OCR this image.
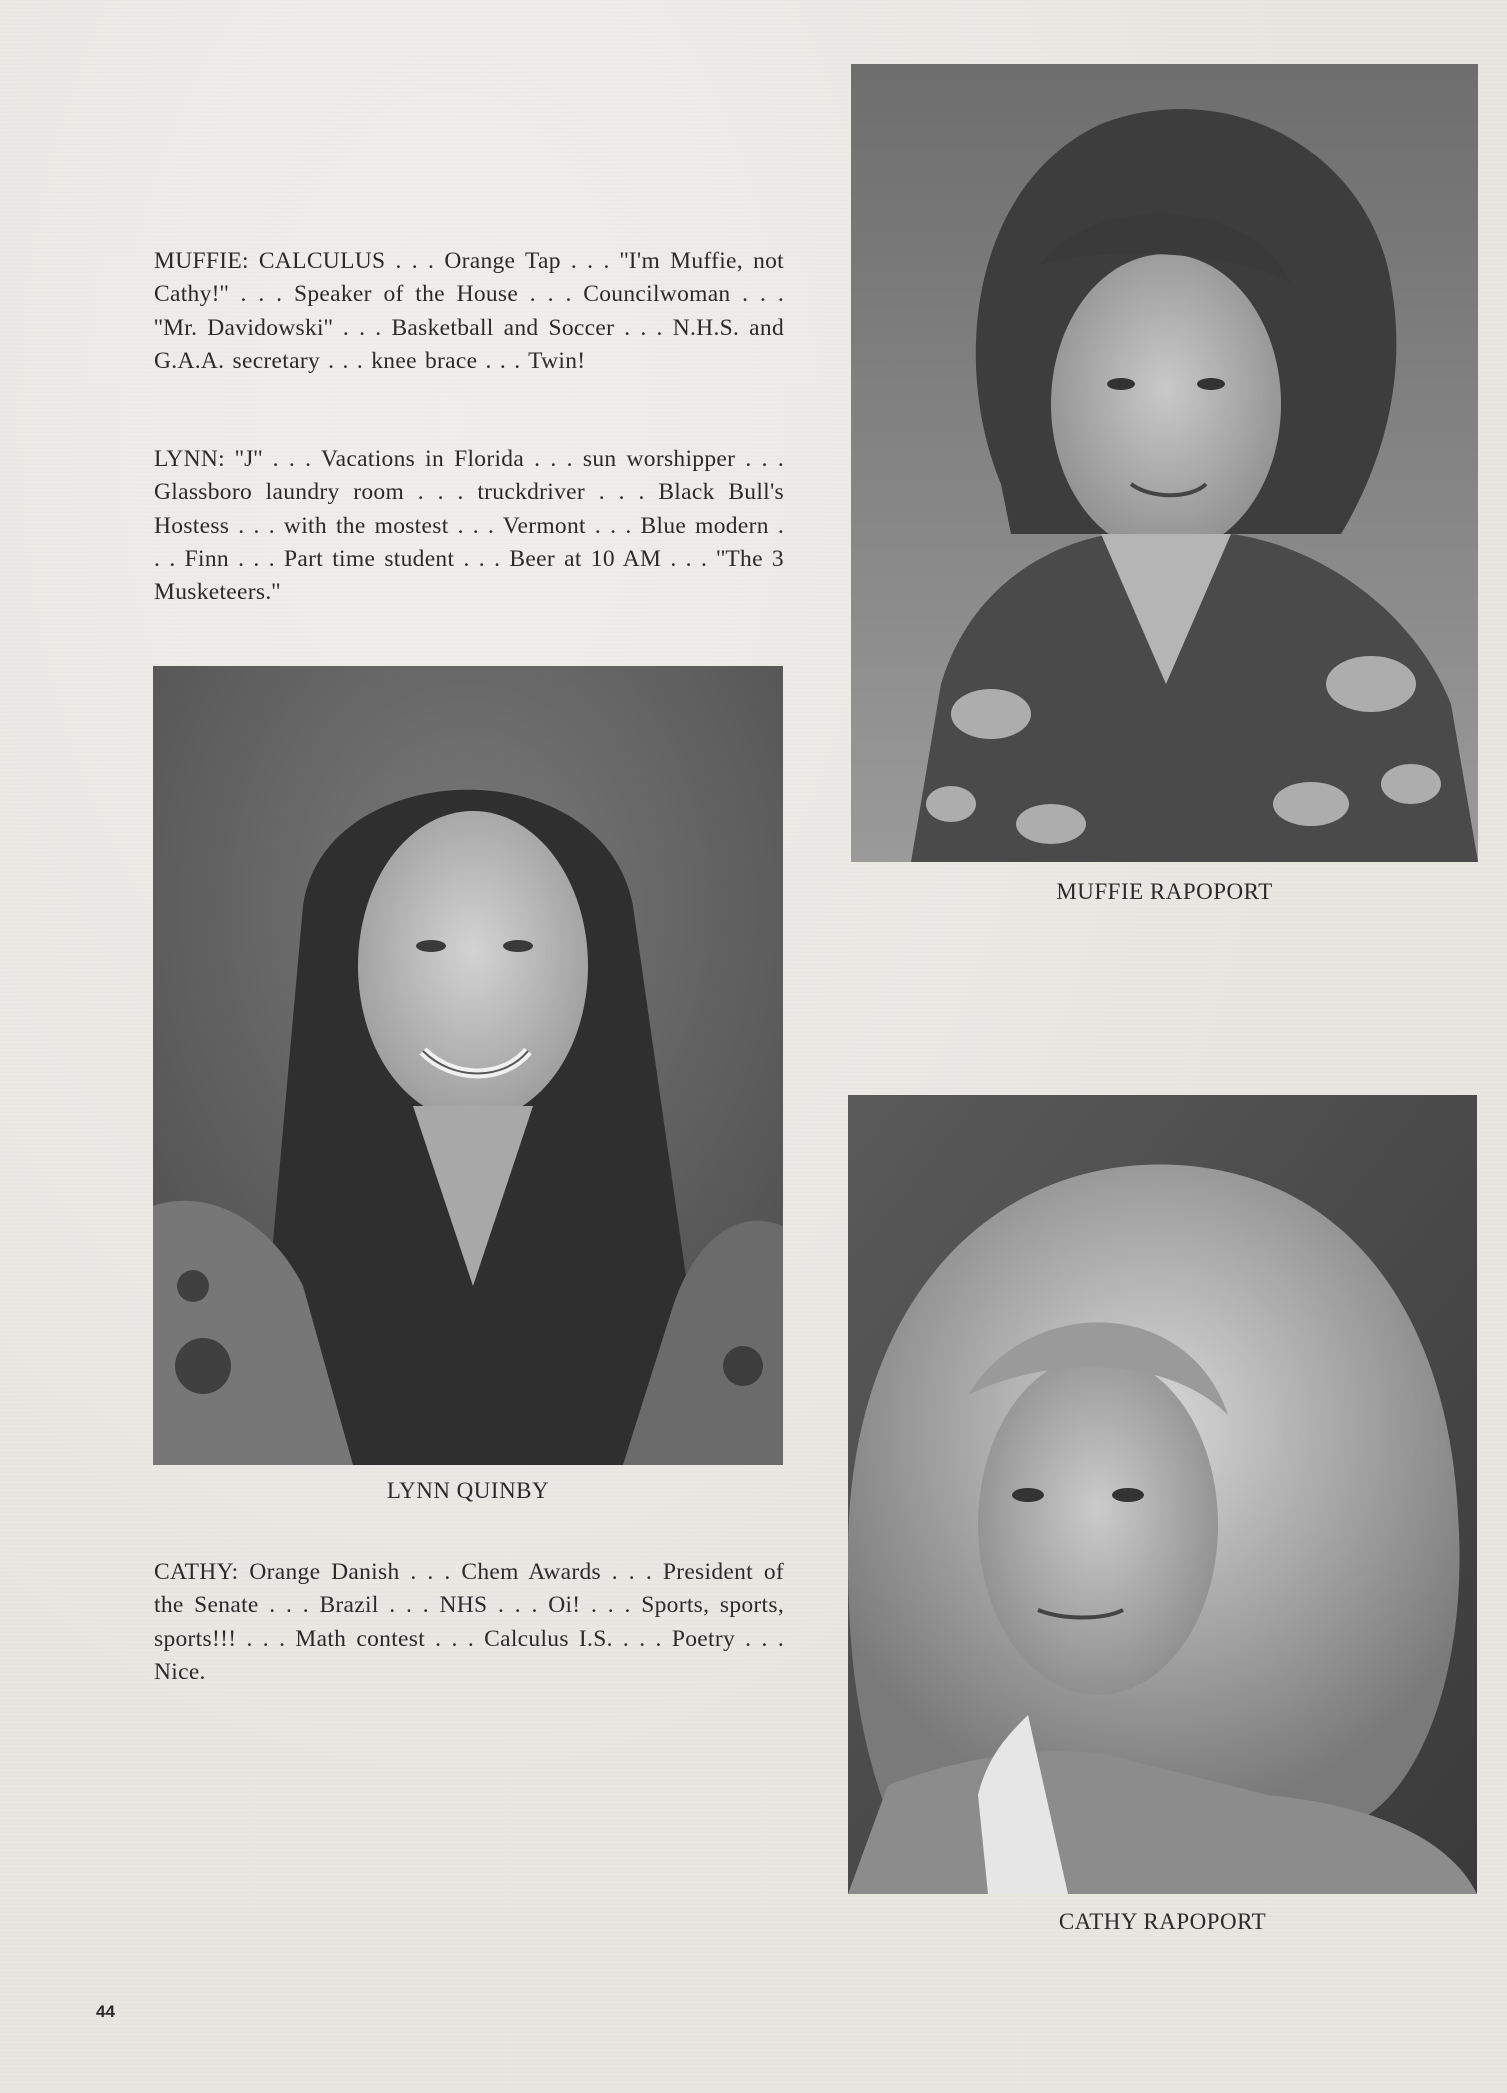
MUFFIE: CALCULUS . . . Orange Tap . . . ''I'm Muffie, not Cathy!'' . . . Speaker of the House . . . Councilwoman . . . ''Mr. Davidowski'' . . . Basketball and Soccer . . . N.H.S. and G.A.A. secretary . . . knee brace . . . Twin!

LYNN: ''J'' . . . Vacations in Florida . . . sun worshipper . . . Glassboro laundry room . . . truckdriver . . . Black Bull's Hostess . . . with the mostest . . . Vermont . . . Blue modern . . . Finn . . . Part time student . . . Beer at 10 AM . . . ''The 3 Musketeers.''

MUFFIE RAPOPORT

LYNN QUINBY

CATHY: Orange Danish . . . Chem Awards . . . President of the Senate . . . Brazil . . . NHS . . . Oi! . . . Sports, sports, sports!!! . . . Math contest . . . Calculus I.S. . . . Poetry . . . Nice.

CATHY RAPOPORT

44
